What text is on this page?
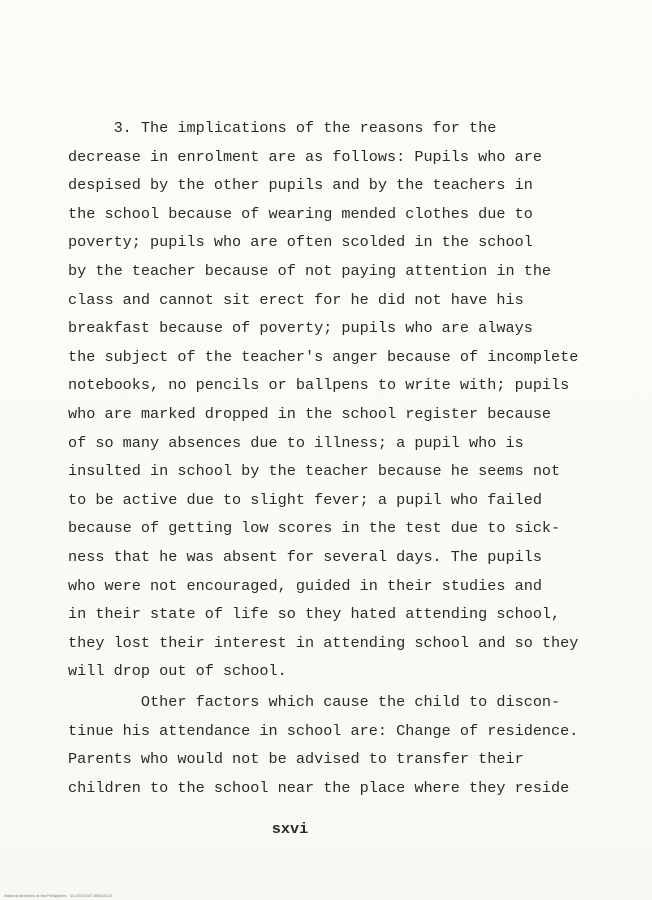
3. The implications of the reasons for the
decrease in enrolment are as follows: Pupils who are
despised by the other pupils and by the teachers in
the school because of wearing mended clothes due to
poverty; pupils who are often scolded in the school
by the teacher because of not paying attention in the
class and cannot sit erect for he did not have his
breakfast because of poverty; pupils who are always
the subject of the teacher's anger because of incomplete
notebooks, no pencils or ballpens to write with; pupils
who are marked dropped in the school register because
of so many absences due to illness; a pupil who is
insulted in school by the teacher because he seems not
to be active due to slight fever; a pupil who failed
because of getting low scores in the test due to sick-
ness that he was absent for several days. The pupils
who were not encouraged, guided in their studies and
in their state of life so they hated attending school,
they lost their interest in attending school and so they
will drop out of school.
Other factors which cause the child to discon-
tinue his attendance in school are: Change of residence.
Parents who would not be advised to transfer their
children to the school near the place where they reside
sxvi
National Archives of the Philippines · 10-07071/07-0082/0113
